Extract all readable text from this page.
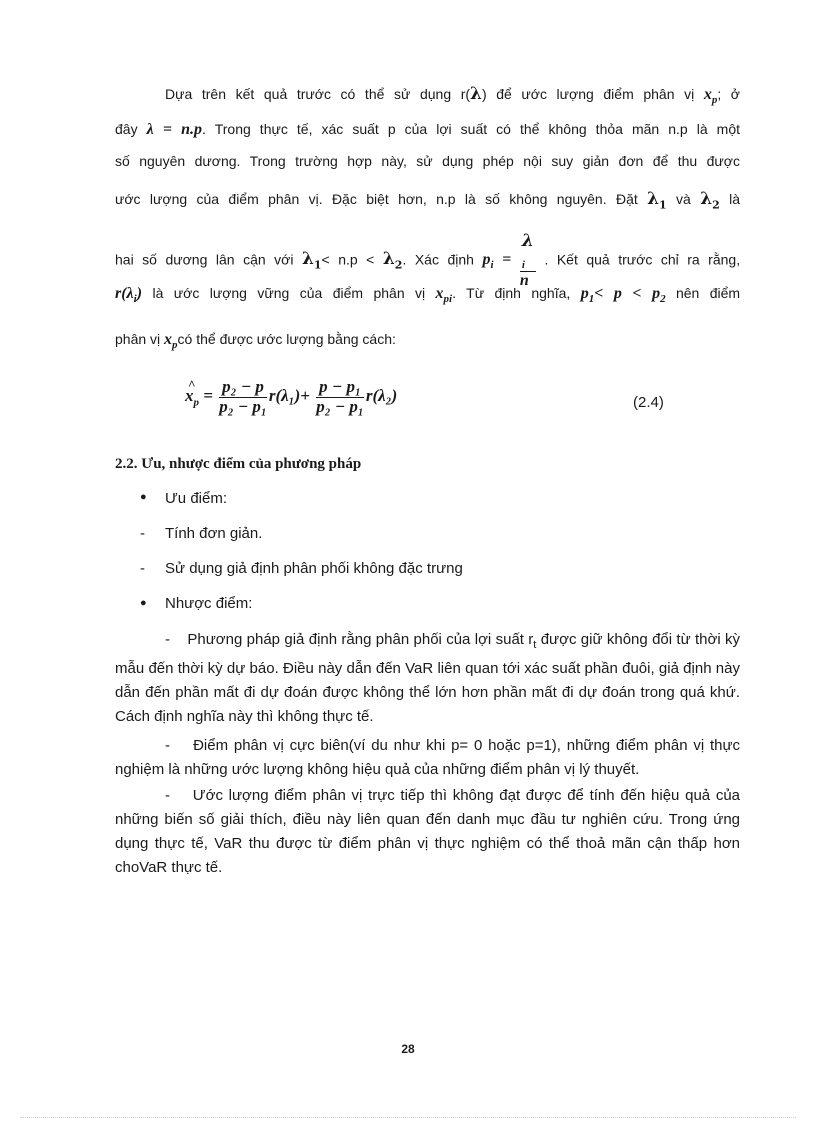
Dựa trên kết quả trước có thể sử dụng r(λ) để ước lượng điểm phân vị $x_p$; ở
đây λ = n.p. Trong thực tế, xác suất p của lợi suất có thể không thỏa mãn n.p là một
số nguyên dương. Trong trường hợp này, sử dụng phép nội suy giản đơn để thu được
ước lượng của điểm phân vị. Đặc biệt hơn, n.p là số không nguyên. Đặt $\lambda_1$ và $\lambda_2$ là
hai số dương lân cận với $\lambda_1< n.p < \lambda_2$. Xác định $p_i = \lambda$
$_i$
n . Kết quả trước chỉ ra rằng,
$r(\lambda_i)$ là ước lượng vững của điểm phân vị $x_{pi}$. Từ định nghĩa, $p_1< p < p_2$ nên điểm
phân vị $x_pcó$ thể được ước lượng bằng cách:
^
$x_p = \frac{\text{p₂ − p}}{\text{p₂ − p₁}} r(\lambda_1)+ \frac{\text{p − p₁}}{\text{p₂ − p₁}} r(\lambda_2)$	(2.4)
2.2. Ưu, nhược điểm của phương pháp
● Ưu điểm:
- Tính đơn giản.
- Sử dụng giả định phân phối không đặc trưng
● Nhược điểm:
- Phương pháp giả định rằng phân phối của lợi suất $r_t$ được giữ không đổi từ thời kỳ mẫu đến thời kỳ dự báo. Điều này dẫn đến VaR liên quan tới xác suất phần đuôi, giả định này dẫn đến phần mất đi dự đoán được không thể lớn hơn phần mất đi dự đoán trong quá khứ. Cách định nghĩa này thì không thực tế.
- Điểm phân vị cực biên(ví du như khi p= 0 hoặc p=1), những điểm phân vị thực nghiệm là những ước lượng không hiệu quả của những điểm phân vị lý thuyết.
- Ước lượng điểm phân vị trực tiếp thì không đạt được để tính đến hiệu quả của những biến số giải thích, điều này liên quan đến danh mục đầu tư nghiên cứu. Trong ứng dụng thực tế, VaR thu được từ điểm phân vị thực nghiệm có thể thoả mãn cận thấp hơn choVaR thực tế.
28
